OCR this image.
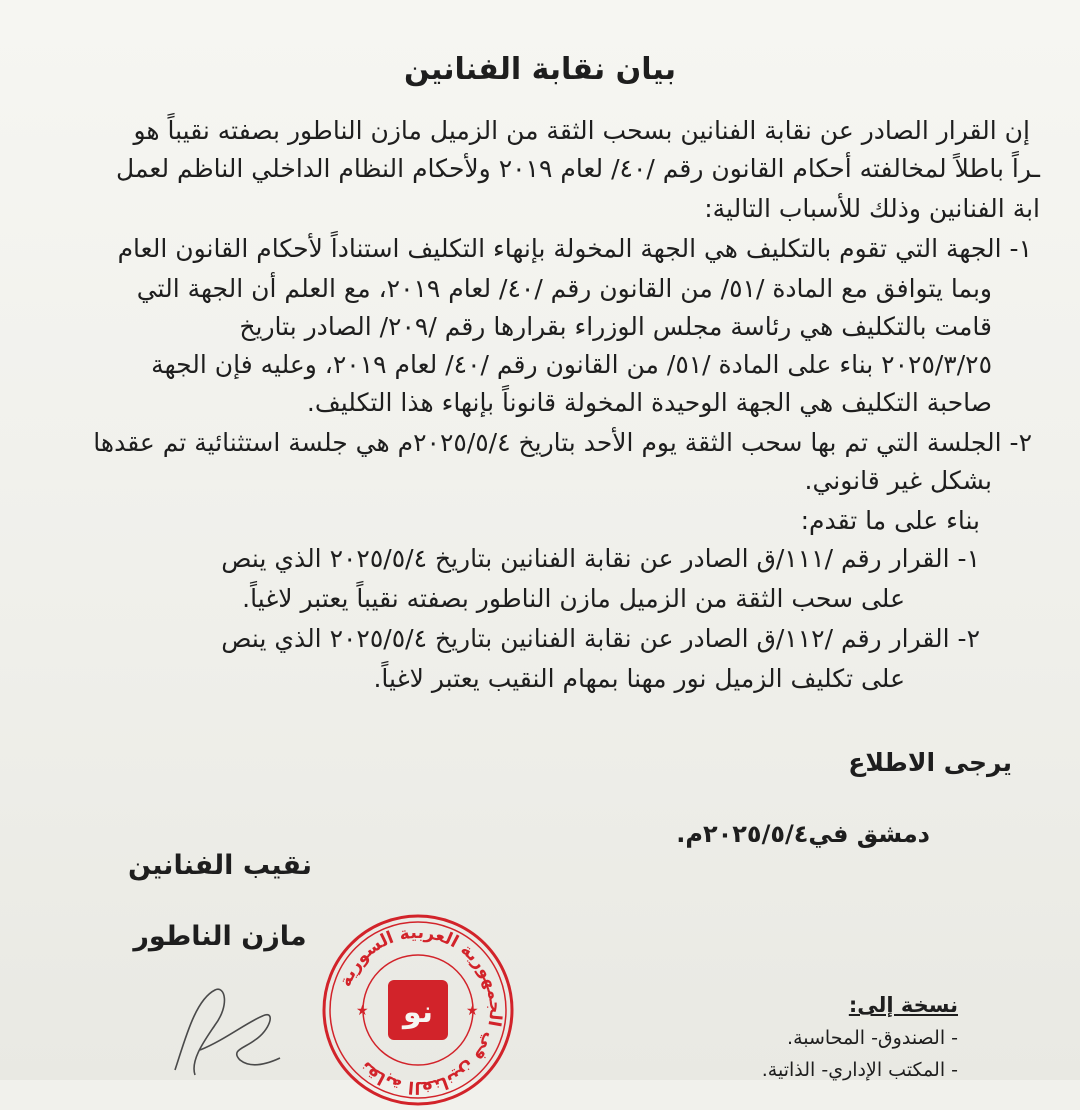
بيان نقابة الفنانين
إن القرار الصادر عن نقابة الفنانين بسحب الثقة من الزميل مازن الناطور بصفته نقيباً هو
ـراً باطلاً لمخالفته أحكام القانون رقم /٤٠/ لعام ٢٠١٩ ولأحكام النظام الداخلي الناظم لعمل
ابة الفنانين وذلك للأسباب التالية:
١- الجهة التي تقوم بالتكليف هي الجهة المخولة بإنهاء التكليف استناداً لأحكام القانون العام
وبما يتوافق مع المادة /٥١/ من القانون رقم /٤٠/ لعام ٢٠١٩، مع العلم أن الجهة التي
قامت بالتكليف هي رئاسة مجلس الوزراء بقرارها رقم /٢٠٩/ الصادر بتاريخ
٢٠٢٥/٣/٢٥ بناء على المادة /٥١/ من القانون رقم /٤٠/ لعام ٢٠١٩، وعليه فإن الجهة
صاحبة التكليف هي الجهة الوحيدة المخولة قانوناً بإنهاء هذا التكليف.
٢- الجلسة التي تم بها سحب الثقة يوم الأحد بتاريخ ٢٠٢٥/٥/٤م هي جلسة استثنائية تم عقدها
بشكل غير قانوني.
بناء على ما تقدم:
١- القرار رقم /١١١/ق الصادر عن نقابة الفنانين بتاريخ ٢٠٢٥/٥/٤ الذي ينص
على سحب الثقة من الزميل مازن الناطور بصفته نقيباً يعتبر لاغياً.
٢- القرار رقم /١١٢/ق الصادر عن نقابة الفنانين بتاريخ ٢٠٢٥/٥/٤ الذي ينص
على تكليف الزميل نور مهنا بمهام النقيب يعتبر لاغياً.
يرجى الاطلاع
دمشق في٢٠٢٥/٥/٤م.
نقيب الفنانين
مازن الناطور
نقابة الفنانين في الجمهورية العربية السورية
نو
★	★	نسخة إلى:
- الصندوق- المحاسبة.
- المكتب الإداري- الذاتية.
